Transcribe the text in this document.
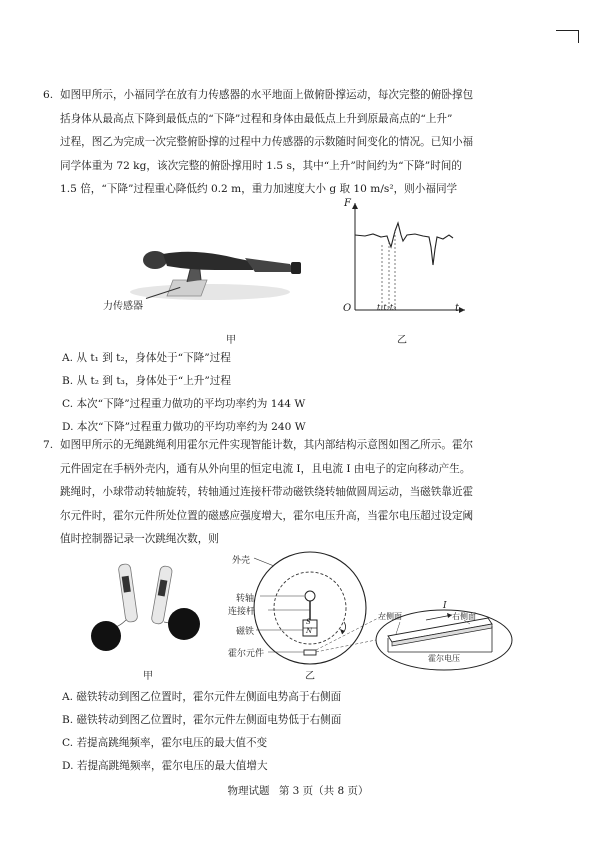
6. 如图甲所示，小福同学在放有力传感器的水平地面上做俯卧撑运动，每次完整的俯卧撑包
括身体从最高点下降到最低点的“下降”过程和身体由最低点上升到原最高点的“上升”
过程，图乙为完成一次完整俯卧撑的过程中力传感器的示数随时间变化的情况。已知小福
同学体重为 72 kg，该次完整的俯卧撑用时 1.5 s，其中“上升”时间约为“下降”时间的
1.5 倍，“下降”过程重心降低约 0.2 m，重力加速度大小 g 取 10 m/s²，则小福同学
力传感器
甲
F
t
O	t₁t₂t₃
乙
A. 从 t₁ 到 t₂，身体处于“下降”过程
B. 从 t₂ 到 t₃，身体处于“上升”过程
C. 本次“下降”过程重力做功的平均功率约为 144 W
D. 本次“下降”过程重力做功的平均功率约为 240 W
7. 如图甲所示的无绳跳绳利用霍尔元件实现智能计数，其内部结构示意图如图乙所示。霍尔
元件固定在手柄外壳内，通有从外向里的恒定电流 I，且电流 I 由电子的定向移动产生。
跳绳时，小球带动转轴旋转，转轴通过连接杆带动磁铁绕转轴做圆周运动，当磁铁靠近霍
尔元件时，霍尔元件所处位置的磁感应强度增大，霍尔电压升高，当霍尔电压超过设定阈
值时控制器记录一次跳绳次数，则
甲
外壳
转轴
连接杆
磁铁
霍尔元件
S
N
左侧面	右侧面
I
霍尔电压
乙
A. 磁铁转动到图乙位置时，霍尔元件左侧面电势高于右侧面
B. 磁铁转动到图乙位置时，霍尔元件左侧面电势低于右侧面
C. 若提高跳绳频率，霍尔电压的最大值不变
D. 若提高跳绳频率，霍尔电压的最大值增大
物理试题 第 3 页（共 8 页）
